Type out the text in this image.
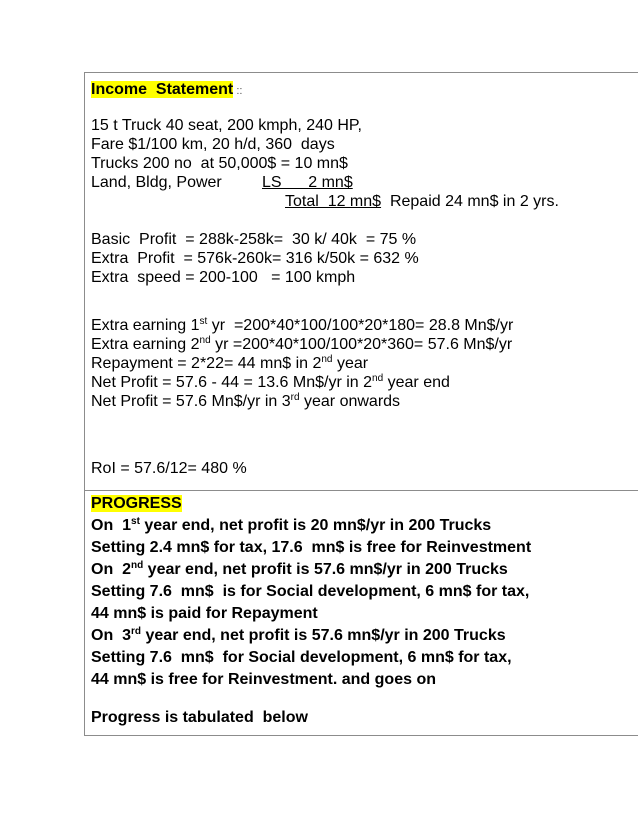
Income  Statement ::
15 t Truck 40 seat, 200 kmph, 240 HP,
Fare $1/100 km, 20 h/d, 360  days
Trucks 200 no  at 50,000$ = 10 mn$
Land, Bldg, Power	LS      2 mn$
Total  12 mn$  Repaid 24 mn$ in 2 yrs.
Basic  Profit  = 288k-258k=  30 k/ 40k  = 75 %
Extra  Profit  = 576k-260k= 316 k/50k = 632 %
Extra  speed = 200-100   = 100 kmph
Extra earning 1st yr  =200*40*100/100*20*180= 28.8 Mn$/yr
Extra earning 2nd yr =200*40*100/100*20*360= 57.6 Mn$/yr
Repayment = 2*22= 44 mn$ in 2nd year
Net Profit = 57.6 - 44 = 13.6 Mn$/yr in 2nd year end
Net Profit = 57.6 Mn$/yr in 3rd year onwards
RoI = 57.6/12= 480 %
PROGRESS
On  1st year end, net profit is 20 mn$/yr in 200 Trucks
Setting 2.4 mn$ for tax, 17.6  mn$ is free for Reinvestment
On  2nd year end, net profit is 57.6 mn$/yr in 200 Trucks
Setting 7.6  mn$  is for Social development, 6 mn$ for tax,
44 mn$ is paid for Repayment
On  3rd year end, net profit is 57.6 mn$/yr in 200 Trucks
Setting 7.6  mn$  for Social development, 6 mn$ for tax,
44 mn$ is free for Reinvestment. and goes on
Progress is tabulated  below
